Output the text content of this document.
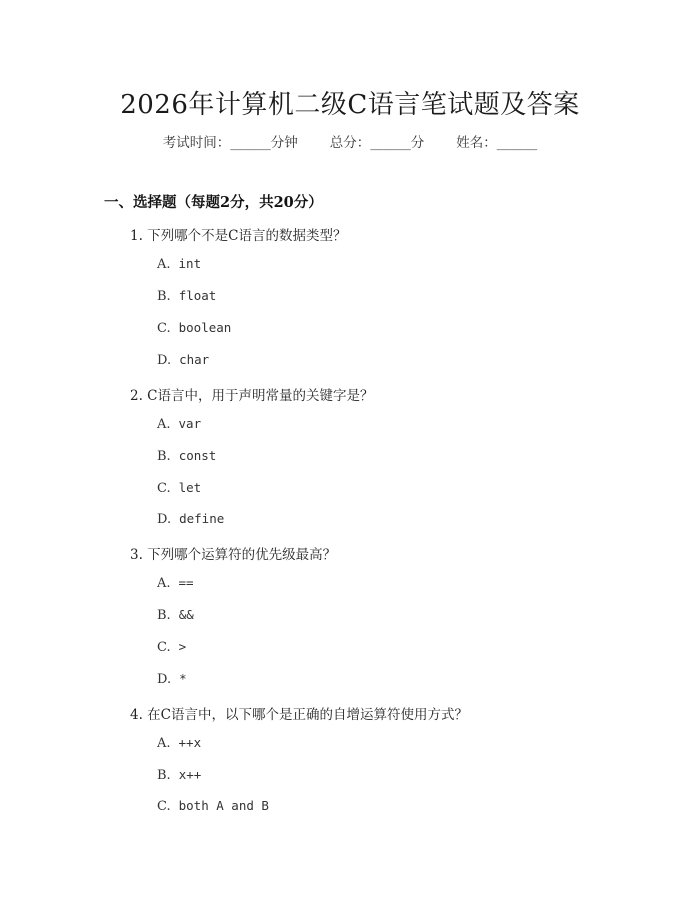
2026年计算机二级C语言笔试题及答案
考试时间：______分钟 总分：______分 姓名：______
一、选择题（每题2分，共20分）
1. 下列哪个不是C语言的数据类型？
A. int
B. float
C. boolean
D. char
2. C语言中，用于声明常量的关键字是？
A. var
B. const
C. let
D. define
3. 下列哪个运算符的优先级最高？
A. ==
B. &&
C. >
D. *
4. 在C语言中，以下哪个是正确的自增运算符使用方式？
A. ++x
B. x++
C. both A and B
